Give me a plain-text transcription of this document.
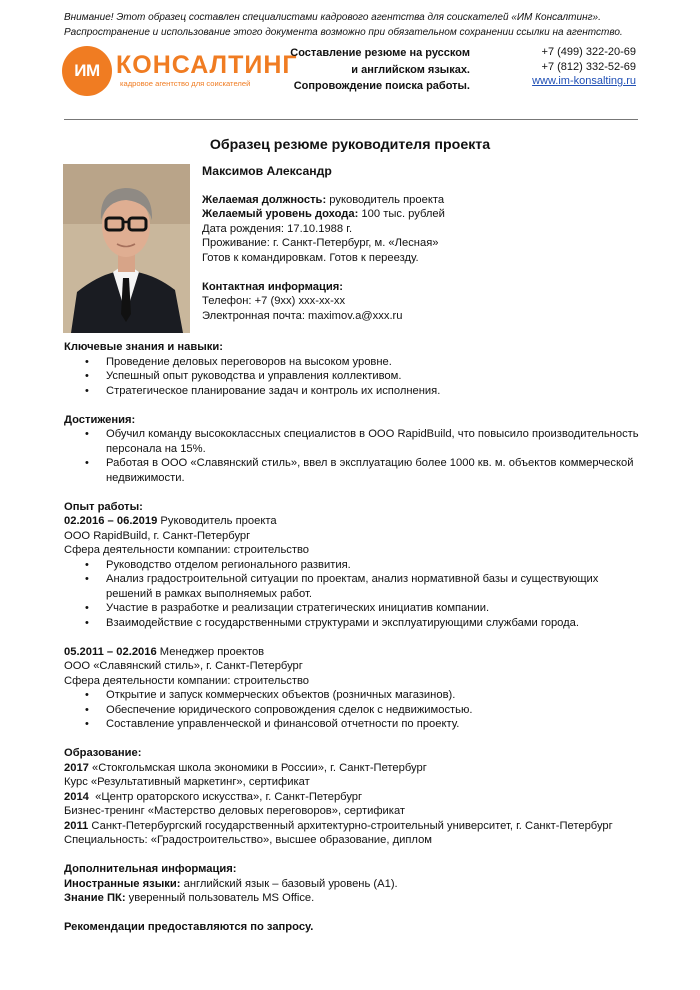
Внимание! Этот образец составлен специалистами кадрового агентства для соискателей «ИМ Консалтинг».
Распространение и использование этого документа возможно при обязательном сохранении ссылки на агентство.
ИМ КОНСАЛТИНГ
кадровое агентство для соискателей
Составление резюме на русском
и английском языках.
Сопровождение поиска работы.
+7 (499) 322-20-69
+7 (812) 332-52-69
www.im-konsalting.ru
Образец резюме руководителя проекта
Максимов Александр
Желаемая должность: руководитель проекта
Желаемый уровень дохода: 100 тыс. рублей
Дата рождения: 17.10.1988 г.
Проживание: г. Санкт-Петербург, м. «Лесная»
Готов к командировкам. Готов к переезду.
Контактная информация:
Телефон: +7 (9xx) xxx-xx-xx
Электронная почта: maximov.a@xxx.ru

Ключевые знания и навыки:

• Проведение деловых переговоров на высоком уровне.
• Успешный опыт руководства и управления коллективом.
• Стратегическое планирование задач и контроль их исполнения.

Достижения:

• Обучил команду высококлассных специалистов в ООО RapidBuild, что повысило производительность персонала на 15%.
• Работая в ООО «Славянский стиль», ввел в эксплуатацию более 1000 кв. м. объектов коммерческой недвижимости.

Опыт работы:

02.2016 – 06.2019 Руководитель проекта

ООО RapidBuild, г. Санкт-Петербург

Сфера деятельности компании: строительство

• Руководство отделом регионального развития.
• Анализ градостроительной ситуации по проектам, анализ нормативной базы и существующих решений в рамках выполняемых работ.
• Участие в разработке и реализации стратегических инициатив компании.
• Взаимодействие с государственными структурами и эксплуатирующими службами города.

05.2011 – 02.2016 Менеджер проектов

ООО «Славянский стиль», г. Санкт-Петербург

Сфера деятельности компании: строительство

• Открытие и запуск коммерческих объектов (розничных магазинов).
• Обеспечение юридического сопровождения сделок с недвижимостью.
• Составление управленческой и финансовой отчетности по проекту.

Образование:

2017 «Стокгольмская школа экономики в России», г. Санкт-Петербург

Курс «Результативный маркетинг», сертификат

2014  «Центр ораторского искусства», г. Санкт-Петербург

Бизнес-тренинг «Мастерство деловых переговоров», сертификат

2011 Санкт-Петербургский государственный архитектурно-строительный университет, г. Санкт-Петербург

Специальность: «Градостроительство», высшее образование, диплом

Дополнительная информация:

Иностранные языки: английский язык – базовый уровень (A1).

Знание ПК: уверенный пользователь MS Office.

Рекомендации предоставляются по запросу.
